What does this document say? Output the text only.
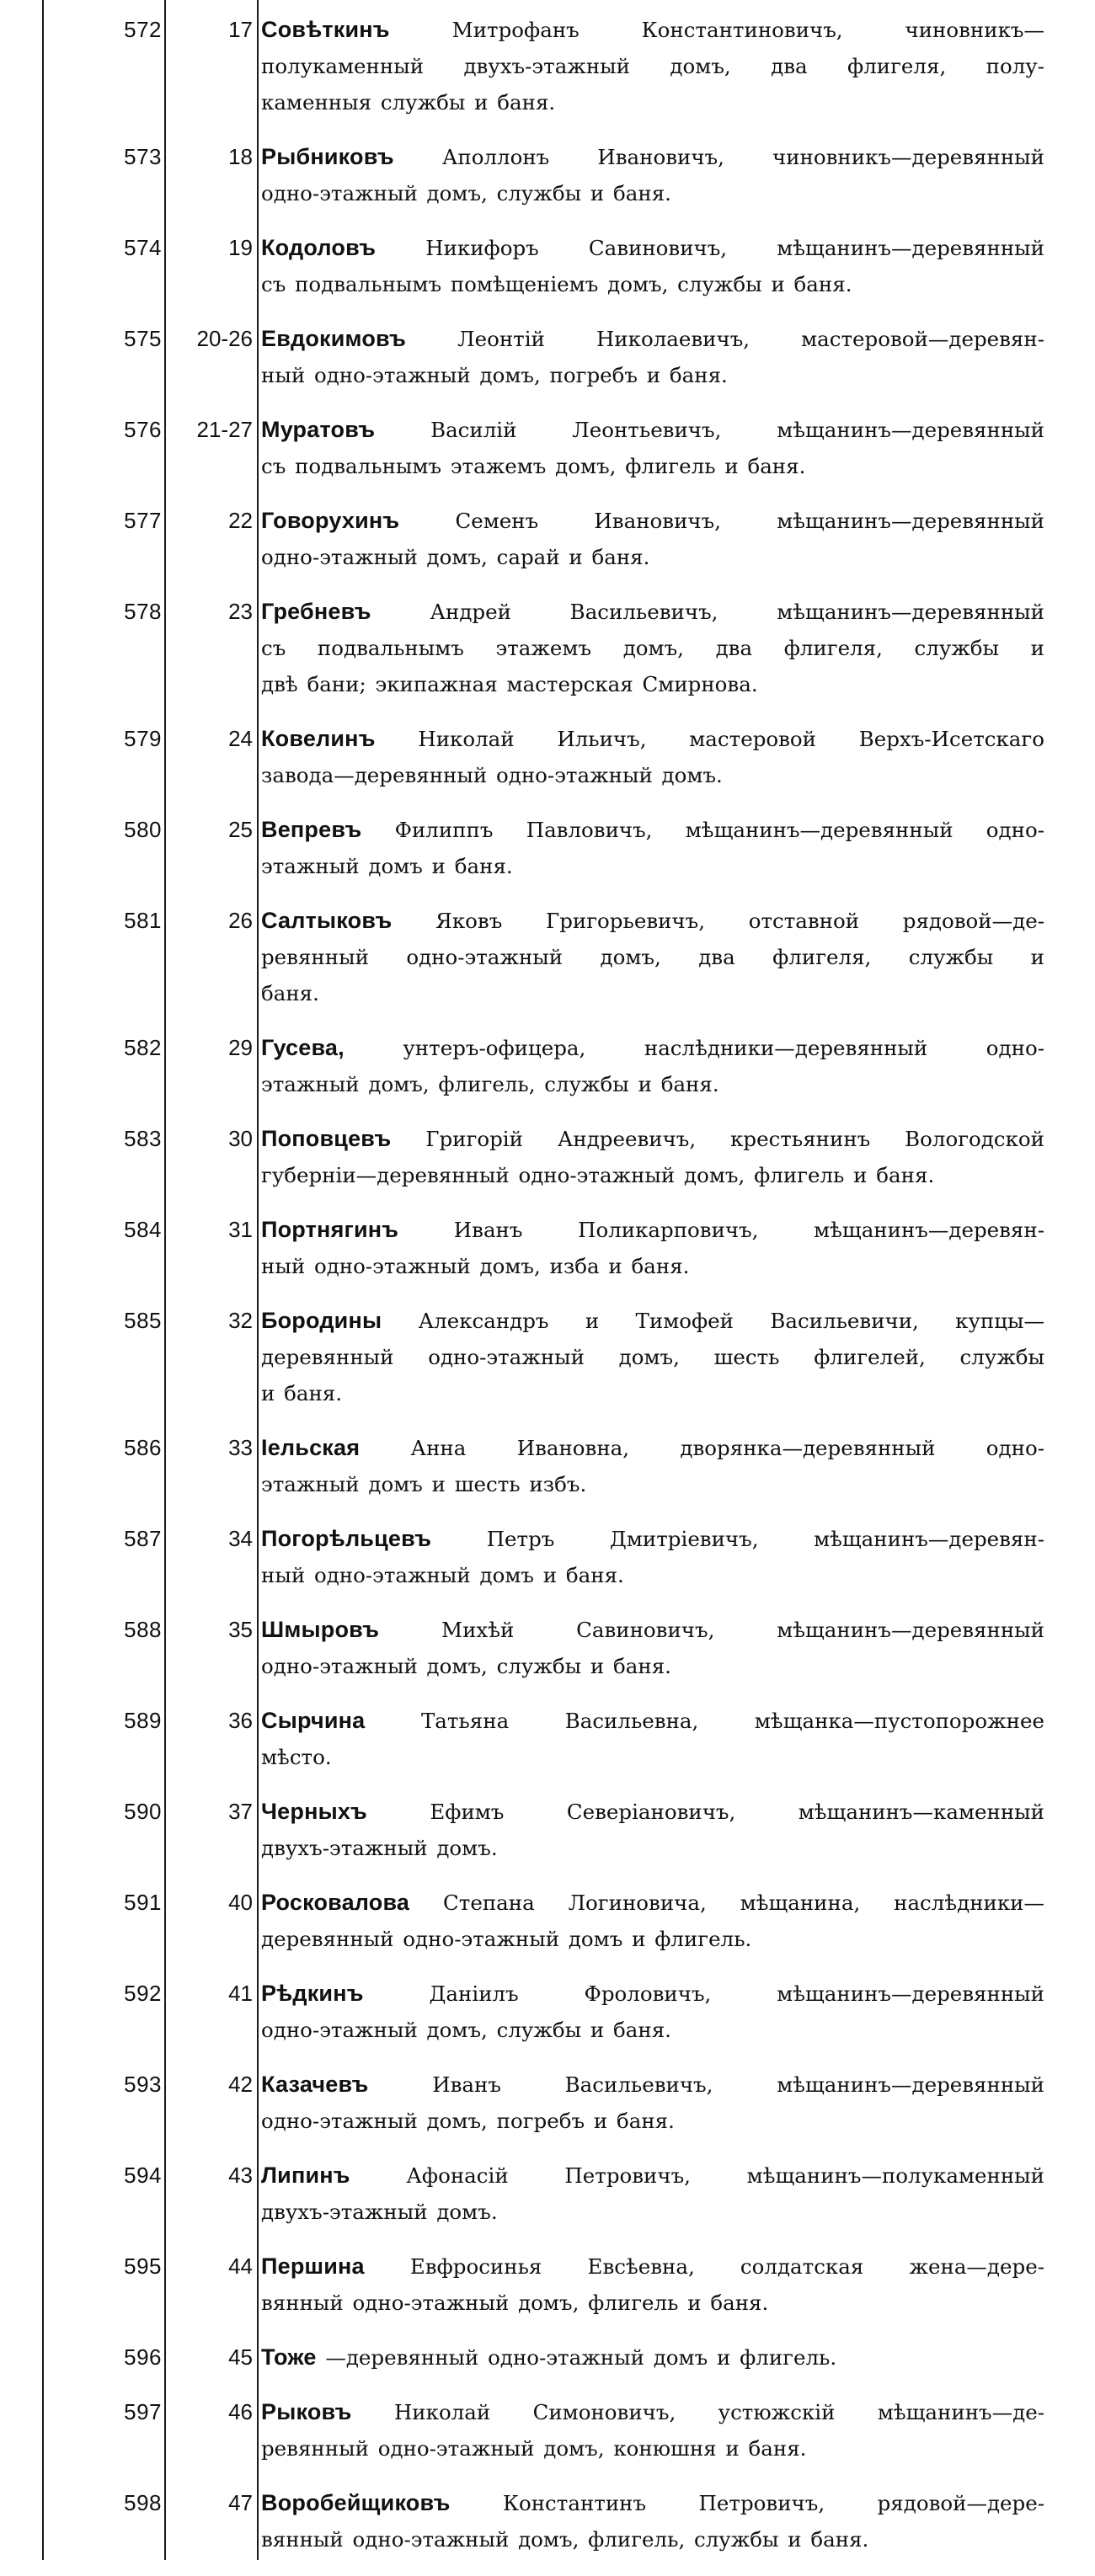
572	17 Совѣткинъ	Митрофанъ Константиновичъ, чиновникъ—
полукаменный двухъ-этажный домъ, два флигеля, полу-
каменныя службы и баня.
573	18 Рыбниковъ Аполлонъ Ивановичъ, чиновникъ—деревянный
одно-этажный домъ, службы и баня.
574	19 Кодоловъ Никифоръ Савиновичъ, мѣщанинъ—деревянный
съ подвальнымъ помѣщеніемъ домъ, службы и баня.
575	20-26 Евдокимовъ Леонтій Николаевичъ, мастеровой—деревян-
ный одно-этажный домъ, погребъ и баня.
576	21-27 Муратовъ	Василій Леонтьевичъ, мѣщанинъ—деревянный
съ подвальнымъ этажемъ домъ, флигель и баня.
577	22 Говорухинъ	Семенъ Ивановичъ, мѣщанинъ—деревянный
одно-этажный домъ, сарай и баня.
578	23 Гребневъ	Андрей Васильевичъ, мѣщанинъ—деревянный
съ подвальнымъ этажемъ домъ, два флигеля, службы и
двѣ бани; экипажная мастерская Смирнова.
579	24 Ковелинъ Николай Ильичъ, мастеровой Верхъ-Исетскаго
завода—деревянный одно-этажный домъ.
580	25 Вепревъ Филиппъ Павловичъ, мѣщанинъ—деревянный одно-
этажный домъ и баня.
581	26 Салтыковъ Яковъ Григорьевичъ, отставной рядовой—де-
ревянный одно-этажный домъ, два флигеля, службы и
баня.
582	29 Гусева,	унтеръ-офицера, наслѣдники—деревянный одно-
этажный домъ, флигель, службы и баня.
583	30 Поповцевъ Григорій Андреевичъ, крестьянинъ Вологодской
губерніи—деревянный одно-этажный домъ, флигель и баня.
584	31 Портнягинъ	Иванъ Поликарповичъ, мѣщанинъ—деревян-
ный одно-этажный домъ, изба и баня.
585	32 Бородины Александръ и Тимофей Васильевичи, купцы—
деревянный одно-этажный домъ, шесть флигелей, службы
и баня.
586	33 Іельская Анна Ивановна, дворянка—деревянный одно-
этажный домъ и шесть избъ.
587	34 Погорѣльцевъ	Петръ Дмитріевичъ, мѣщанинъ—деревян-
ный одно-этажный домъ и баня.
588	35 Шмыровъ	Михѣй Савиновичъ, мѣщанинъ—деревянный
одно-этажный домъ, службы и баня.
589	36 Сырчина	Татьяна Васильевна, мѣщанка—пустопорожнее
мѣсто.
590	37 Черныхъ	Ефимъ Северіановичъ, мѣщанинъ—каменный
двухъ-этажный домъ.
591	40 Росковалова Степана Логиновича, мѣщанина, наслѣдники—
деревянный одно-этажный домъ и флигель.
592	41 Рѣдкинъ	Даніилъ Фроловичъ, мѣщанинъ—деревянный
одно-этажный домъ, службы и баня.
593	42 Казачевъ	Иванъ Васильевичъ, мѣщанинъ—деревянный
одно-этажный домъ, погребъ и баня.
594	43 Липинъ	Афонасій Петровичъ, мѣщанинъ—полукаменный
двухъ-этажный домъ.
595	44 Першина Евфросинья Евсѣевна, солдатская жена—дере-
вянный одно-этажный домъ, флигель и баня.
596	45 Тоже —деревянный одно-этажный домъ и флигель.
597	46 Рыковъ Николай Симоновичъ, устюжскій мѣщанинъ—де-
ревянный одно-этажный домъ, конюшня и баня.
598	47 Воробейщиковъ	Константинъ Петровичъ, рядовой—дере-
вянный одно-этажный домъ, флигель, службы и баня.
